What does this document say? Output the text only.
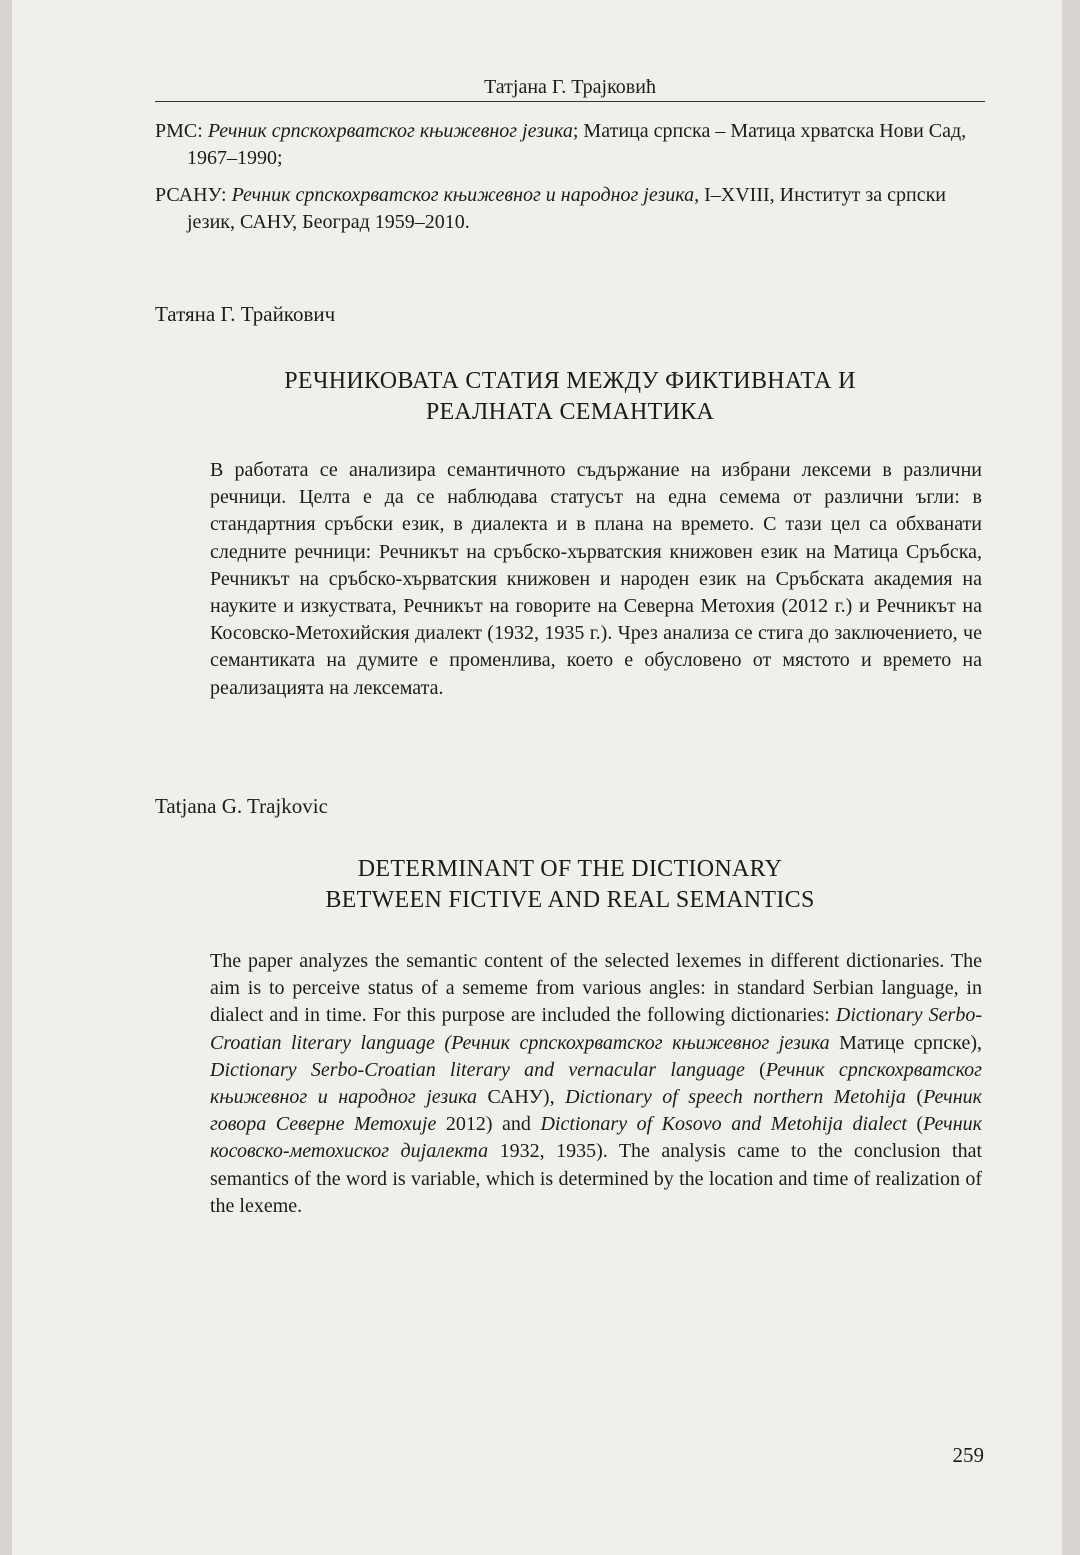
Татјана Г. Трајковић

РМС: Речник српскохрватског књижевног језика; Матица српска – Матица хрватска Нови Сад, 1967–1990;

РСАНУ: Речник српскохрватског књижевног и народног језика, I–XVIII, Институт за српски језик, САНУ, Београд 1959–2010.

Татяна Г. Трайкович
РЕЧНИКОВАТА СТАТИЯ МЕЖДУ ФИКТИВНАТА И
РЕАЛНАТА СЕМАНТИКА
В работата се анализира семантичното съдържание на избрани лексеми в различни речници. Целта е да се наблюдава статусът на една семема от различни ъгли: в стандартния сръбски език, в диалекта и в плана на времето. С тази цел са обхванати следните речници: Речникът на сръбско-хърватския книжовен език на Матица Сръбска, Речникът на сръбско-хърватския книжовен и народен език на Сръбската академия на науките и изкуствата, Речникът на говорите на Северна Метохия (2012 г.) и Речникът на Косовско-Метохийския диалект (1932, 1935 г.). Чрез анализа се стига до заключението, че семантиката на думите е променлива, което е обусловено от мястото и времето на реализацията на лексемата.
Tatjana G. Trajkovic
DETERMINANT OF THE DICTIONARY
BETWEEN FICTIVE AND REAL SEMANTICS
The paper analyzes the semantic content of the selected lexemes in different dictionaries. The aim is to perceive status of a sememe from various angles: in standard Serbian language, in dialect and in time. For this purpose are included the following dictionaries: Dictionary Serbo-Croatian literary language (Речник српскохрватског књижевног језика Матице српске), Dictionary Serbo-Croatian literary and vernacular language (Речник српскохрватског књижевног и народног језика САНУ), Dictionary of speech northern Metohija (Речник говора Северне Метохије 2012) and Dictionary of Kosovo and Metohija dialect (Речник косовско-метохиског дијалекта 1932, 1935). The analysis came to the conclusion that semantics of the word is variable, which is determined by the location and time of realization of the lexeme.
259
